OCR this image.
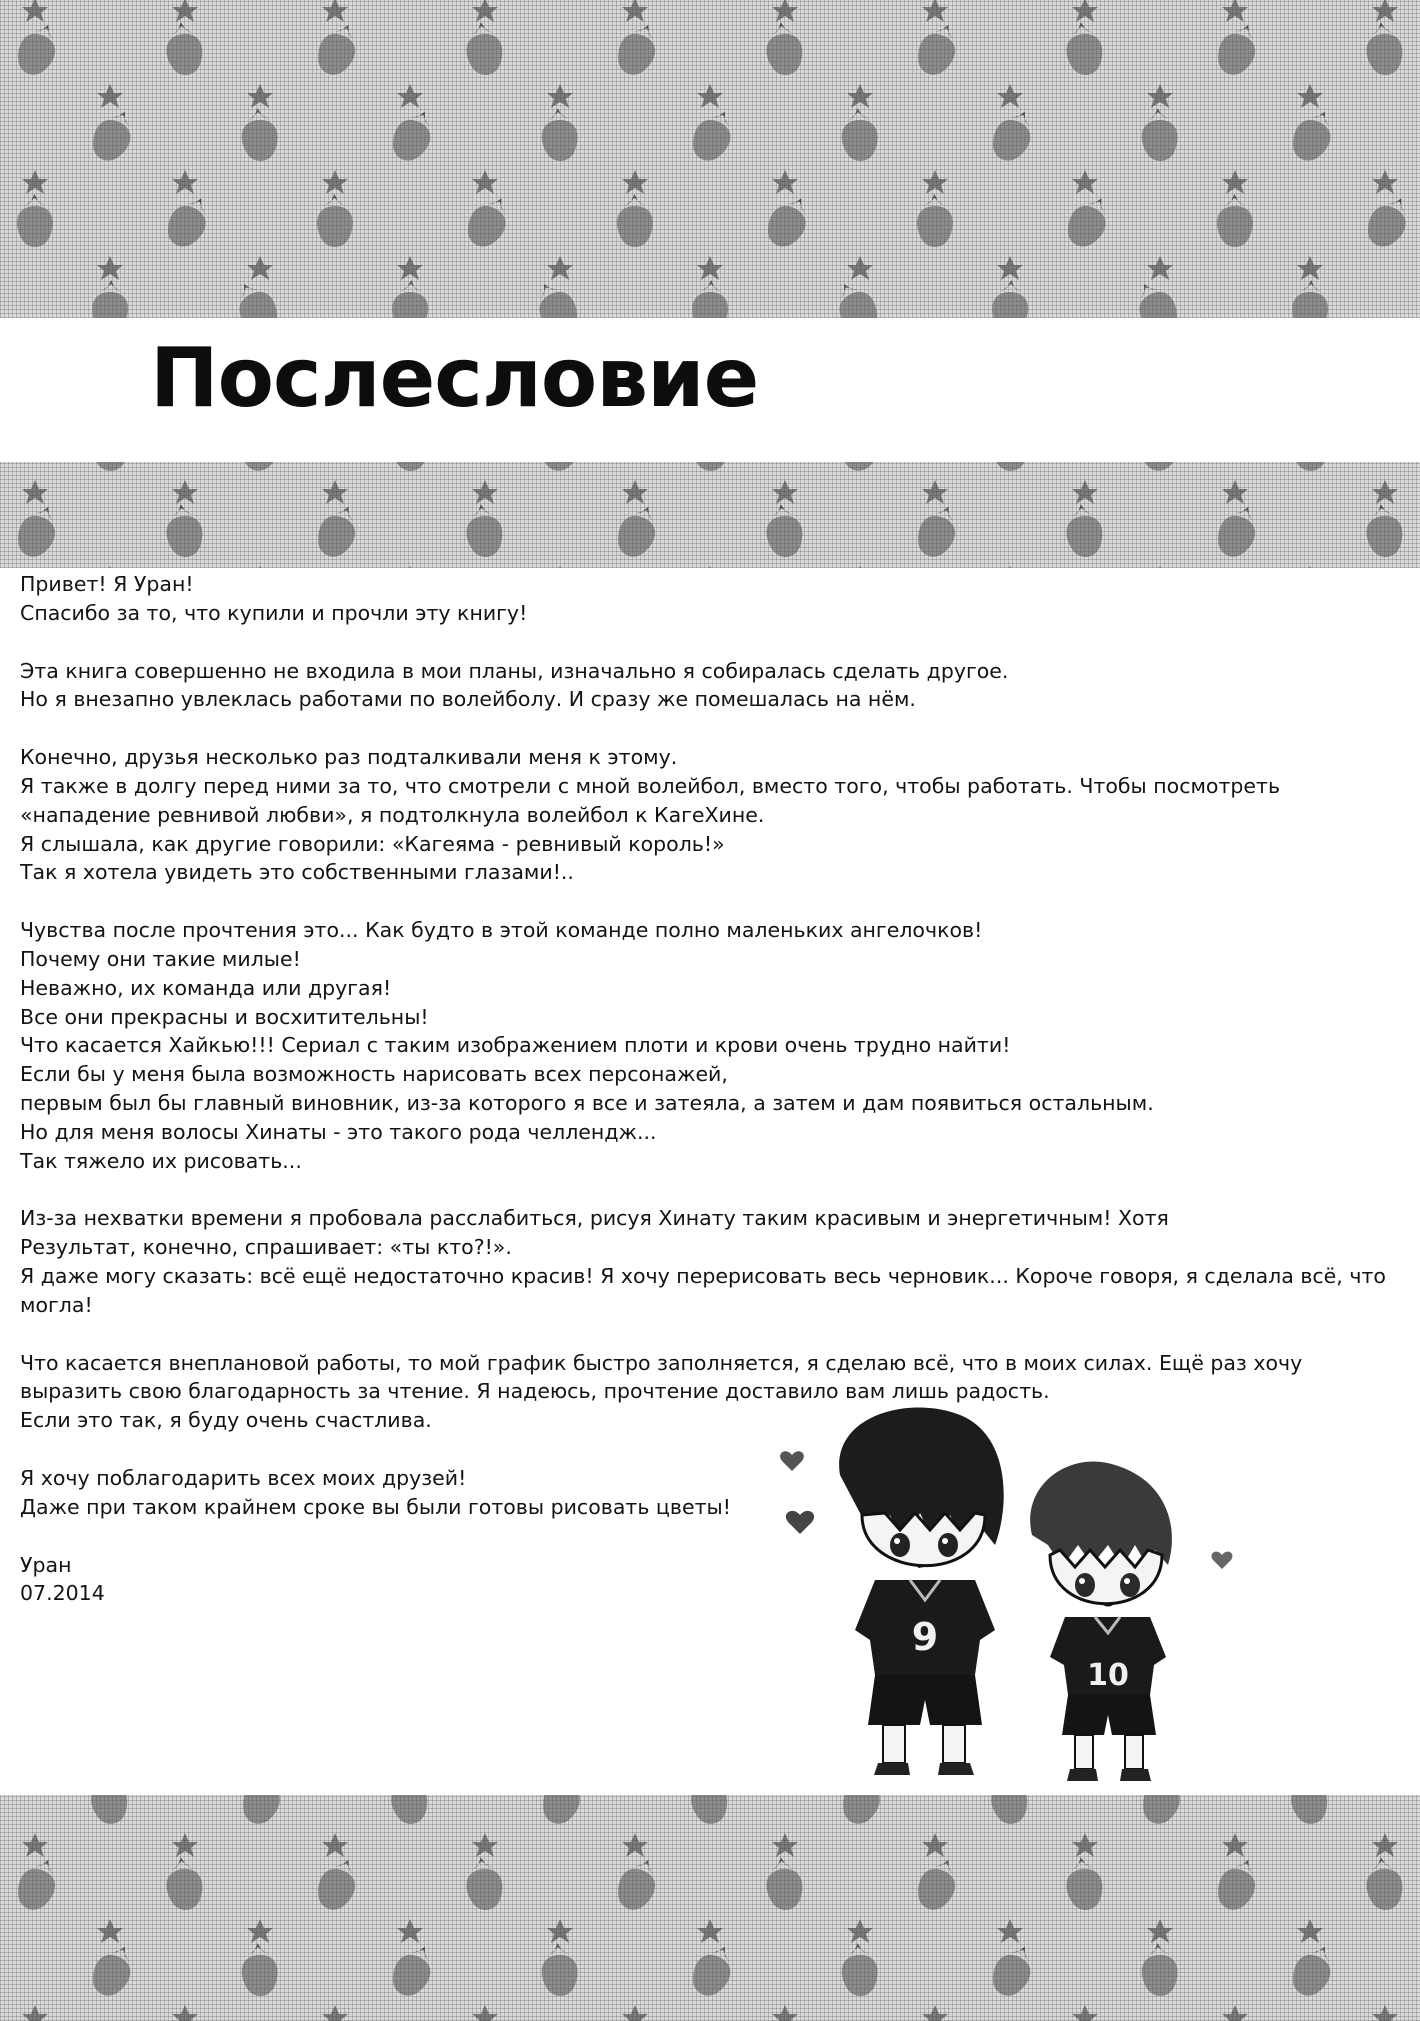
Послесловие

Привет! Я Уран!
Спасибо за то, что купили и прочли эту книгу!

Эта книга совершенно не входила в мои планы, изначально я собиралась сделать другое.
Но я внезапно увлеклась работами по волейболу. И сразу же помешалась на нём.

Конечно, друзья несколько раз подталкивали меня к этому.
Я также в долгу перед ними за то, что смотрели с мной волейбол, вместо того, чтобы работать. Чтобы посмотреть «нападение ревнивой любви», я подтолкнула волейбол к КагеХине.
Я слышала, как другие говорили: «Кагеяма - ревнивый король!»
Так я хотела увидеть это собственными глазами!..

Чувства после прочтения это... Как будто в этой команде полно маленьких ангелочков!
Почему они такие милые!
Неважно, их команда или другая!
Все они прекрасны и восхитительны!
Что касается Хайкью!!! Сериал с таким изображением плоти и крови очень трудно найти!
Если бы у меня была возможность нарисовать всех персонажей,
первым был бы главный виновник, из-за которого я все и затеяла, а затем и дам появиться остальным.
Но для меня волосы Хинаты - это такого рода челлендж...
Так тяжело их рисовать...

Из-за нехватки времени я пробовала расслабиться, рисуя Хинату таким красивым и энергетичным! Хотя
Результат, конечно, спрашивает: «ты кто?!».
Я даже могу сказать: всё ещё недостаточно красив! Я хочу перерисовать весь черновик... Короче говоря, я сделала всё, что могла!

Что касается внеплановой работы, то мой график быстро заполняется, я сделаю всё, что в моих силах. Ещё раз хочу выразить свою благодарность за чтение. Я надеюсь, прочтение доставило вам лишь радость.
Если это так, я буду очень счастлива.

Я хочу поблагодарить всех моих друзей!
Даже при таком крайнем сроке вы были готовы рисовать цветы!

Уран
07.2014

9
10
